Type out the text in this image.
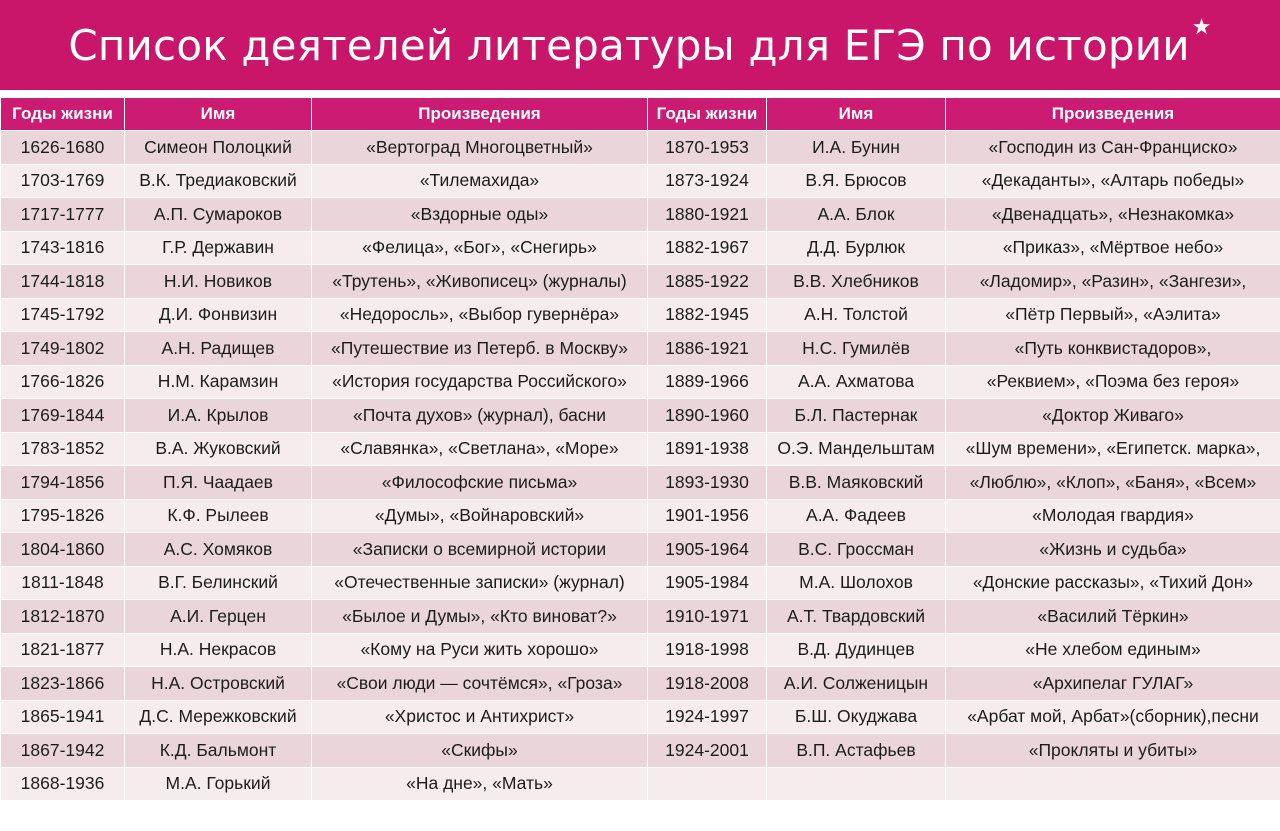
Список деятелей литературы для ЕГЭ по истории★
Годы жизни	Имя	Произведения	Годы жизни	Имя	Произведения
1626-1680	Симеон Полоцкий	«Вертоград Многоцветный»	1870-1953	И.А. Бунин	«Господин из Сан-Франциско»
1703-1769	В.К. Тредиаковский	«Тилемахида»	1873-1924	В.Я. Брюсов	«Декаданты», «Алтарь победы»
1717-1777	А.П. Сумароков	«Вздорные оды»	1880-1921	А.А. Блок	«Двенадцать», «Незнакомка»
1743-1816	Г.Р. Державин	«Фелица», «Бог», «Снегирь»	1882-1967	Д.Д. Бурлюк	«Приказ», «Мёртвое небо»
1744-1818	Н.И. Новиков	«Трутень», «Живописец» (журналы)	1885-1922	В.В. Хлебников	«Ладомир», «Разин», «Зангези»,
1745-1792	Д.И. Фонвизин	«Недоросль», «Выбор гувернёра»	1882-1945	А.Н. Толстой	«Пётр Первый», «Аэлита»
1749-1802	А.Н. Радищев	«Путешествие из Петерб. в Москву»	1886-1921	Н.С. Гумилёв	«Путь конквистадоров»,
1766-1826	Н.М. Карамзин	«История государства Российского»	1889-1966	А.А. Ахматова	«Реквием», «Поэма без героя»
1769-1844	И.А. Крылов	«Почта духов» (журнал), басни	1890-1960	Б.Л. Пастернак	«Доктор Живаго»
1783-1852	В.А. Жуковский	«Славянка», «Светлана», «Море»	1891-1938	О.Э. Мандельштам	«Шум времени», «Египетск. марка»,
1794-1856	П.Я. Чаадаев	«Философские письма»	1893-1930	В.В. Маяковский	«Люблю», «Клоп», «Баня», «Всем»
1795-1826	К.Ф. Рылеев	«Думы», «Войнаровский»	1901-1956	А.А. Фадеев	«Молодая гвардия»
1804-1860	А.С. Хомяков	«Записки о всемирной истории	1905-1964	В.С. Гроссман	«Жизнь и судьба»
1811-1848	В.Г. Белинский	«Отечественные записки» (журнал)	1905-1984	М.А. Шолохов	«Донские рассказы», «Тихий Дон»
1812-1870	А.И. Герцен	«Былое и Думы», «Кто виноват?»	1910-1971	А.Т. Твардовский	«Василий Тёркин»
1821-1877	Н.А. Некрасов	«Кому на Руси жить хорошо»	1918-1998	В.Д. Дудинцев	«Не хлебом единым»
1823-1866	Н.А. Островский	«Свои люди — сочтёмся», «Гроза»	1918-2008	А.И. Солженицын	«Архипелаг ГУЛАГ»
1865-1941	Д.С. Мережковский	«Христос и Антихрист»	1924-1997	Б.Ш. Окуджава	«Арбат мой, Арбат»(сборник),песни
1867-1942	К.Д. Бальмонт	«Скифы»	1924-2001	В.П. Астафьев	«Прокляты и убиты»
1868-1936	М.А. Горький	«На дне», «Мать»			
